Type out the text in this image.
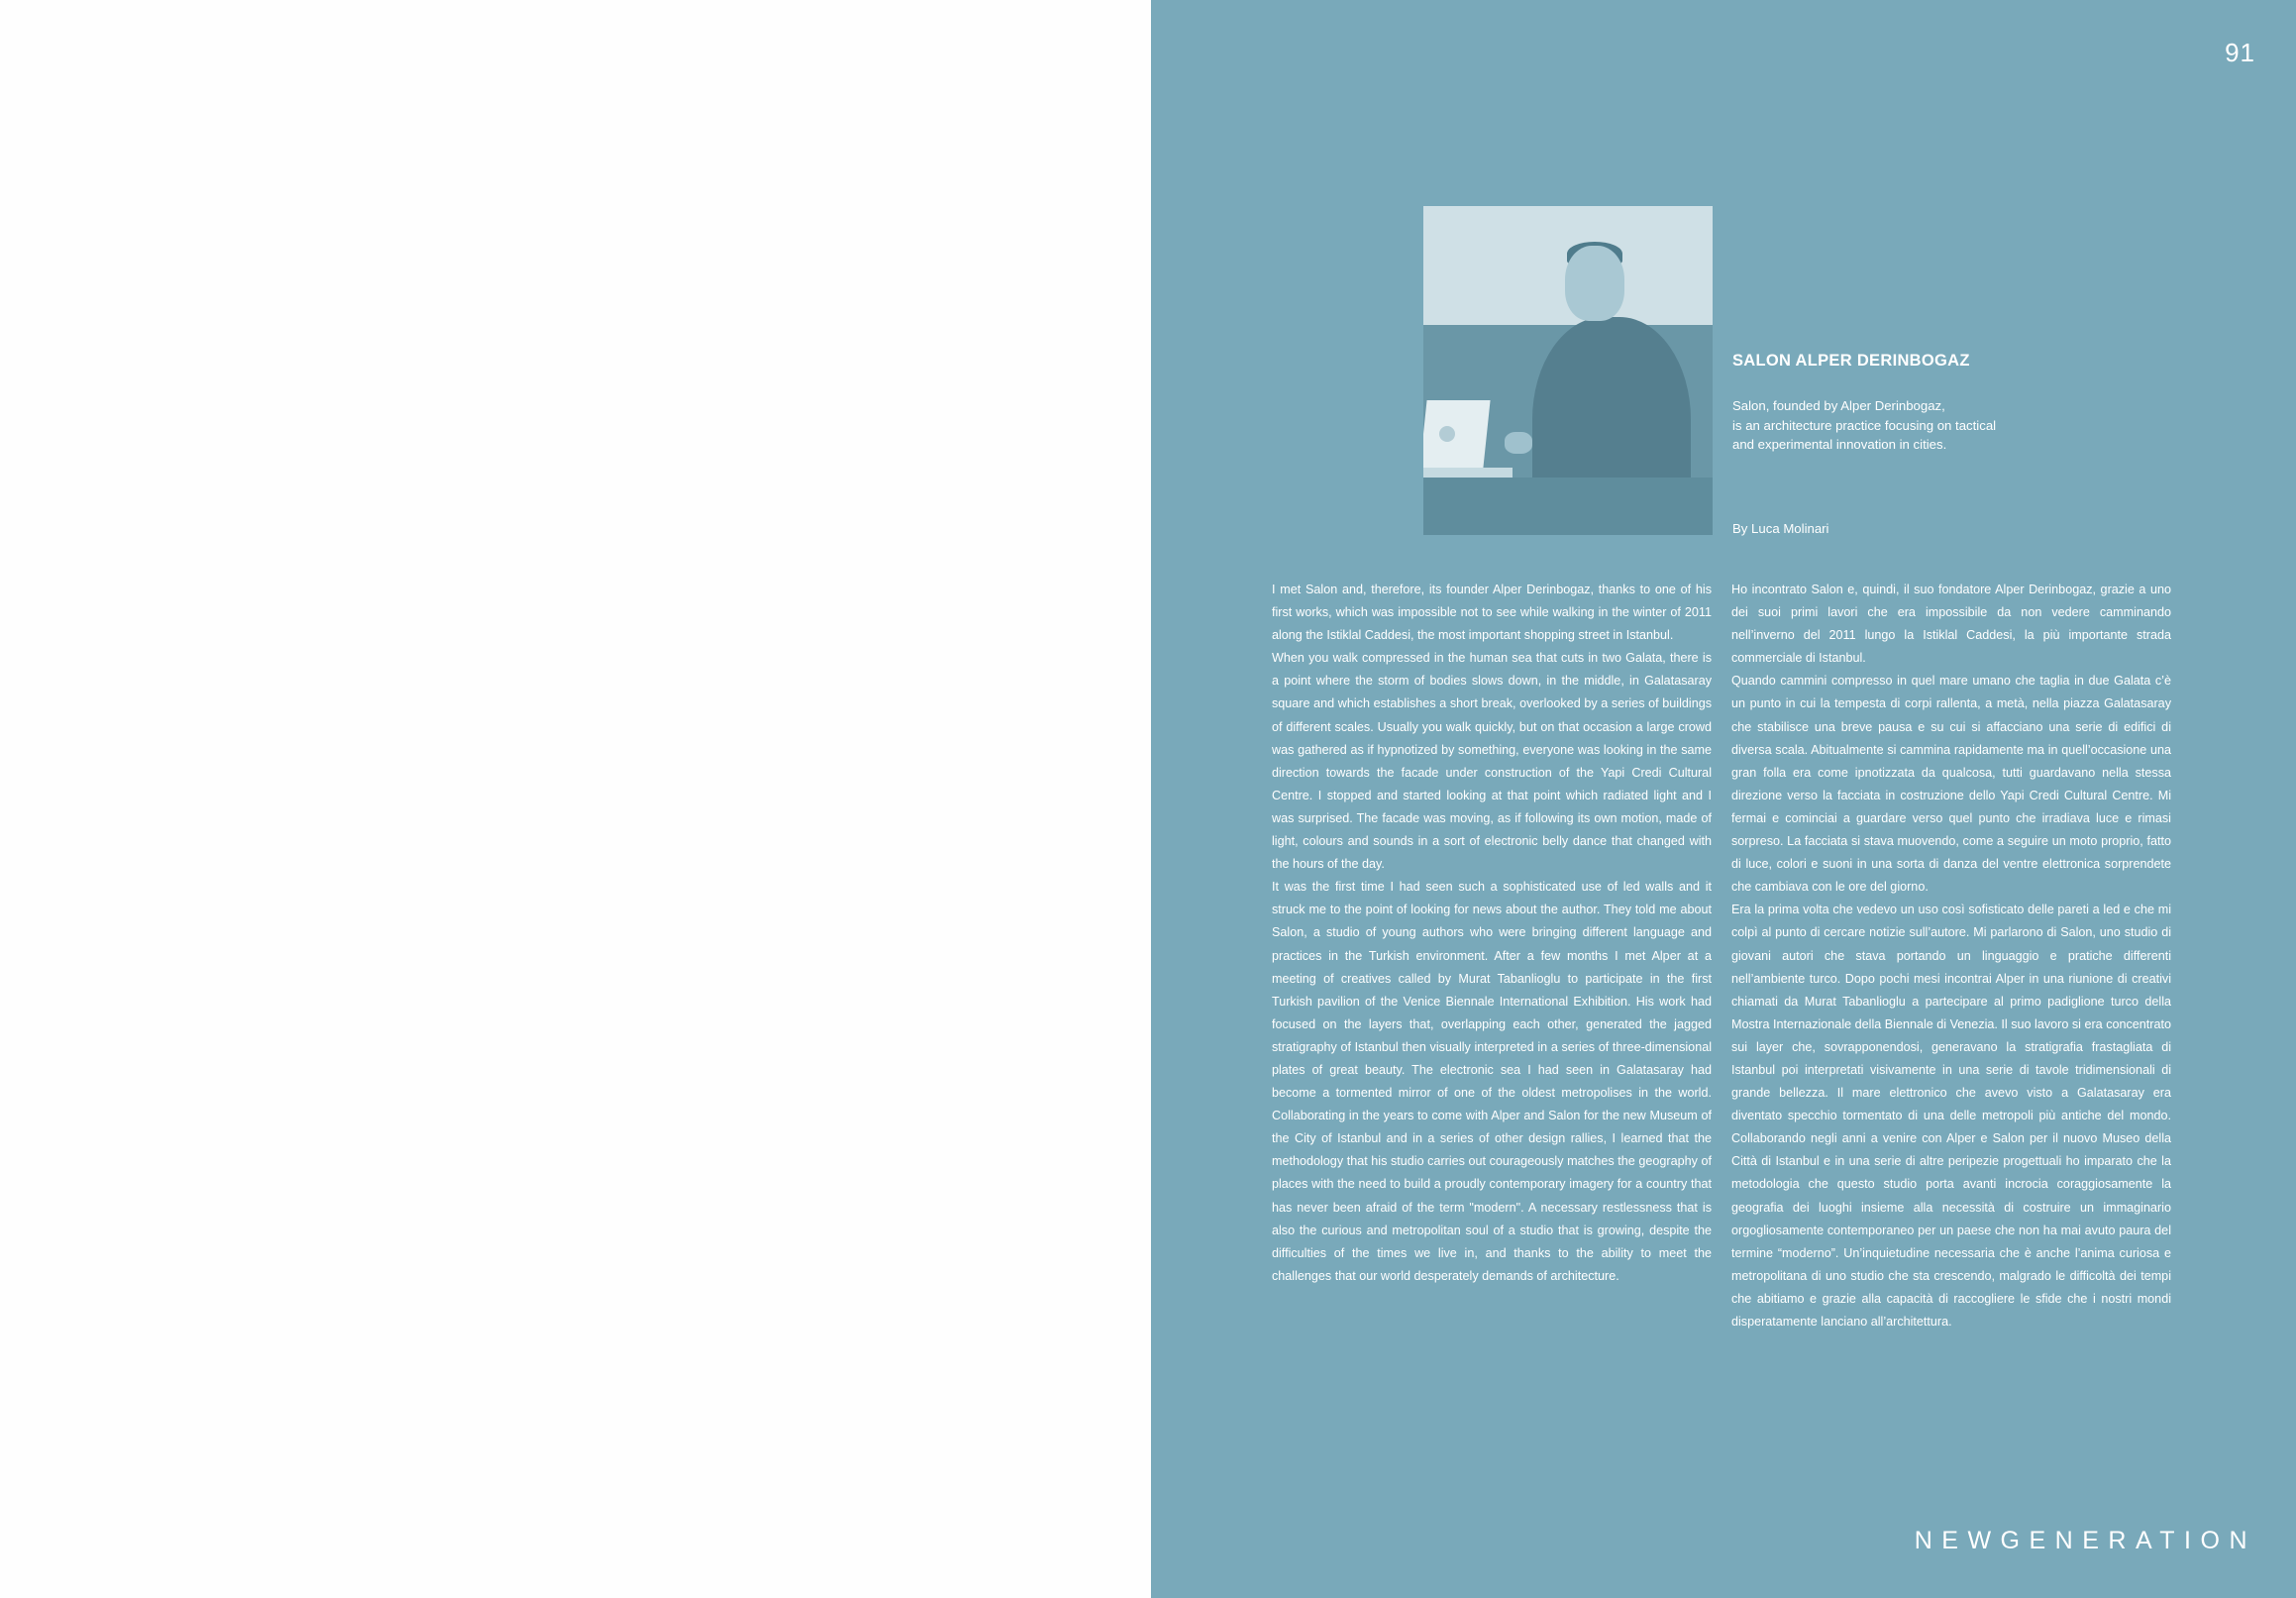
91
SALON ALPER DERINBOGAZ
Salon, founded by Alper Derinbogaz,
is an architecture practice focusing on tactical
and experimental innovation in cities.
By Luca Molinari

I met Salon and, therefore, its founder Alper Derinbogaz, thanks to one of his first works, which was impossible not to see while walking in the winter of 2011 along the Istiklal Caddesi, the most important shopping street in Istanbul.

When you walk compressed in the human sea that cuts in two Galata, there is a point where the storm of bodies slows down, in the middle, in Galatasaray square and which establishes a short break, overlooked by a series of buildings of different scales. Usually you walk quickly, but on that occasion a large crowd was gathered as if hypnotized by something, everyone was looking in the same direction towards the facade under construction of the Yapi Credi Cultural Centre. I stopped and started looking at that point which radiated light and I was surprised. The facade was moving, as if following its own motion, made of light, colours and sounds in a sort of electronic belly dance that changed with the hours of the day.

It was the first time I had seen such a sophisticated use of led walls and it struck me to the point of looking for news about the author. They told me about Salon, a studio of young authors who were bringing different language and practices in the Turkish environment. After a few months I met Alper at a meeting of creatives called by Murat Tabanlioglu to participate in the first Turkish pavilion of the Venice Biennale International Exhibition. His work had focused on the layers that, overlapping each other, generated the jagged stratigraphy of Istanbul then visually interpreted in a series of three-dimensional plates of great beauty. The electronic sea I had seen in Galatasaray had become a tormented mirror of one of the oldest metropolises in the world. Collaborating in the years to come with Alper and Salon for the new Museum of the City of Istanbul and in a series of other design rallies, I learned that the methodology that his studio carries out courageously matches the geography of places with the need to build a proudly contemporary imagery for a country that has never been afraid of the term "modern". A necessary restlessness that is also the curious and metropolitan soul of a studio that is growing, despite the difficulties of the times we live in, and thanks to the ability to meet the challenges that our world desperately demands of architecture.

Ho incontrato Salon e, quindi, il suo fondatore Alper Derinbogaz, grazie a uno dei suoi primi lavori che era impossibile da non vedere camminando nell’inverno del 2011 lungo la Istiklal Caddesi, la più importante strada commerciale di Istanbul.

Quando cammini compresso in quel mare umano che taglia in due Galata c’è un punto in cui la tempesta di corpi rallenta, a metà, nella piazza Galatasaray che stabilisce una breve pausa e su cui si affacciano una serie di edifici di diversa scala. Abitualmente si cammina rapidamente ma in quell’occasione una gran folla era come ipnotizzata da qualcosa, tutti guardavano nella stessa direzione verso la facciata in costruzione dello Yapi Credi Cultural Centre. Mi fermai e cominciai a guardare verso quel punto che irradiava luce e rimasi sorpreso. La facciata si stava muovendo, come a seguire un moto proprio, fatto di luce, colori e suoni in una sorta di danza del ventre elettronica sorprendete che cambiava con le ore del giorno.

Era la prima volta che vedevo un uso così sofisticato delle pareti a led e che mi colpì al punto di cercare notizie sull’autore. Mi parlarono di Salon, uno studio di giovani autori che stava portando un linguaggio e pratiche differenti nell’ambiente turco. Dopo pochi mesi incontrai Alper in una riunione di creativi chiamati da Murat Tabanlioglu a partecipare al primo padiglione turco della Mostra Internazionale della Biennale di Venezia. Il suo lavoro si era concentrato sui layer che, sovrapponendosi, generavano la stratigrafia frastagliata di Istanbul poi interpretati visivamente in una serie di tavole tridimensionali di grande bellezza. Il mare elettronico che avevo visto a Galatasaray era diventato specchio tormentato di una delle metropoli più antiche del mondo. Collaborando negli anni a venire con Alper e Salon per il nuovo Museo della Città di Istanbul e in una serie di altre peripezie progettuali ho imparato che la metodologia che questo studio porta avanti incrocia coraggiosamente la geografia dei luoghi insieme alla necessità di costruire un immaginario orgogliosamente contemporaneo per un paese che non ha mai avuto paura del termine “moderno”. Un’inquietudine necessaria che è anche l’anima curiosa e metropolitana di uno studio che sta crescendo, malgrado le difficoltà dei tempi che abitiamo e grazie alla capacità di raccogliere le sfide che i nostri mondi disperatamente lanciano all’architettura.

NEWGENERATION
